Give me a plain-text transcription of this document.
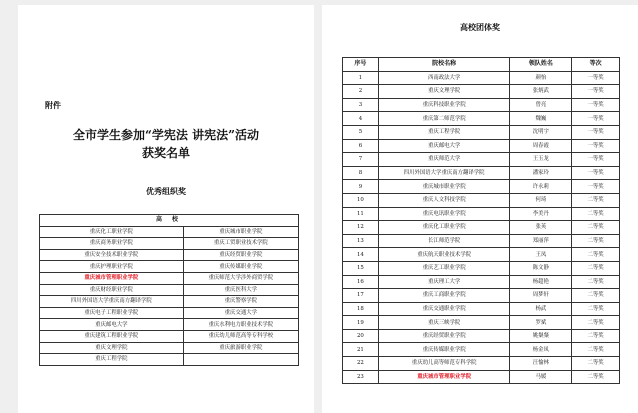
附件
全市学生参加“学宪法 讲宪法”活动
获奖名单
优秀组织奖
高 校	
重庆化工职业学院	重庆城市职业学院
重庆商务职业学院	重庆工贸职业技术学院
重庆安全技术职业学院	重庆经贸职业学院
重庆护理职业学院	重庆传媒职业学院
重庆城市管理职业学院	重庆师范大学涉外商贸学院
重庆财经职业学院	重庆医科大学
四川外国语大学重庆南方翻译学院	重庆警察学院
重庆电子工程职业学院	重庆交通大学
重庆邮电大学	重庆水利电力职业技术学院
重庆建筑工程职业学院	重庆幼儿师范高等专科学校
重庆文理学院	重庆旅游职业学院
重庆工程学院	
高校团体奖
序号	院校名称	领队姓名	等次
1	西南政法大学	颜怡	一等奖
2	重庆文理学院	张炳武	一等奖
3	重庆科技职业学院	曾亮	一等奖
4	重庆第二师范学院	魏巍	一等奖
5	重庆工程学院	沈明宇	一等奖
6	重庆邮电大学	周春霞	一等奖
7	重庆师范大学	王玉龙	一等奖
8	四川外国语大学重庆南方翻译学院	潘家玲	一等奖
9	重庆城市职业学院	许永莉	一等奖
10	重庆人文科技学院	何琦	二等奖
11	重庆电讯职业学院	李美丹	二等奖
12	重庆化工职业学院	张英	二等奖
13	长江师范学院	郑丽萍	二等奖
14	重庆航天职业技术学院	王凤	二等奖
15	重庆艺工职业学院	陈文静	二等奖
16	重庆理工大学	杨超艳	二等奖
17	重庆工商职业学院	周梦轩	二等奖
18	重庆交通职业学院	杨武	二等奖
19	重庆三峡学院	罗斌	二等奖
20	重庆经贸职业学院	姚粲粲	二等奖
21	重庆传媒职业学院	杨金凤	二等奖
22	重庆幼儿高等师范专科学院	汪愉林	二等奖
23	重庆城市管理职业学院	马媛	二等奖
